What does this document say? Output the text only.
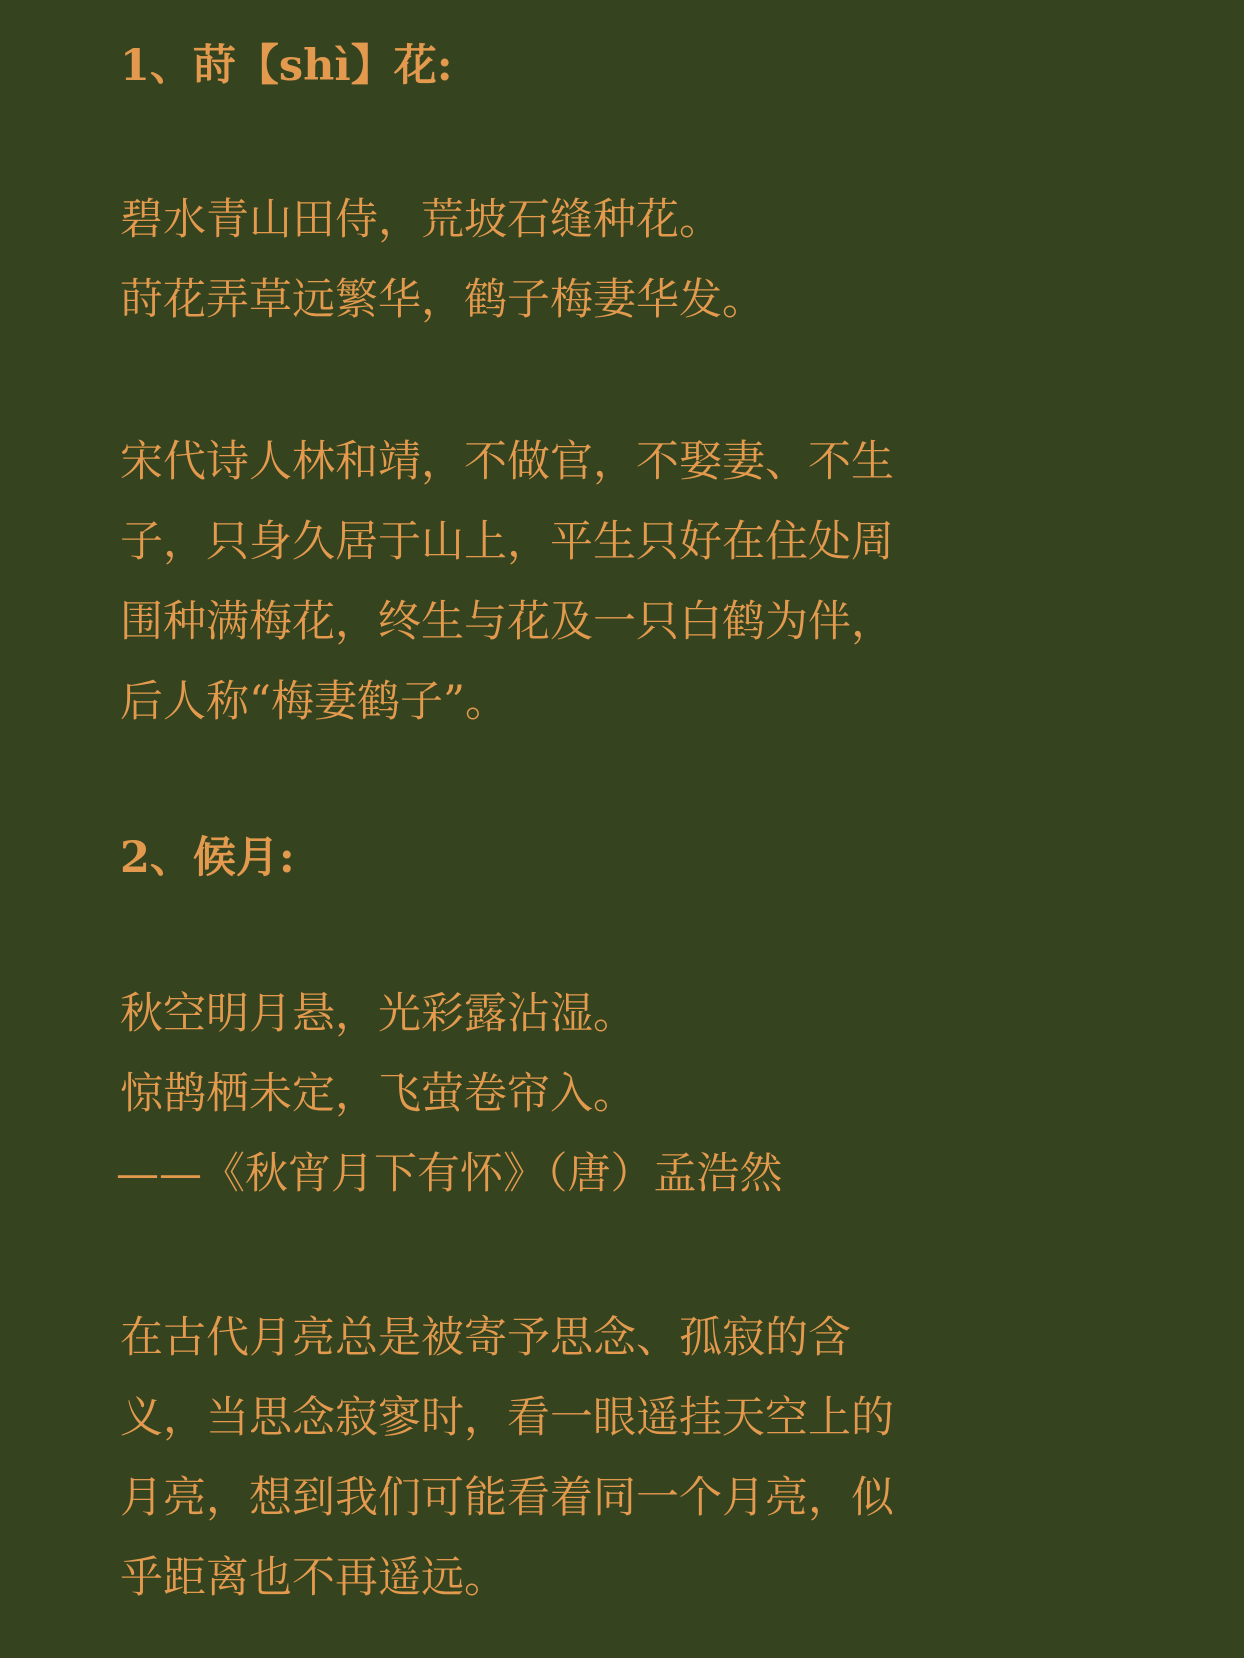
1、莳【shì】花:
碧水青山田侍，荒坡石缝种花。
莳花弄草远繁华，鹤子梅妻华发。
宋代诗人林和靖，不做官，不娶妻、不生
子，只身久居于山上，平生只好在住处周
围种满梅花，终生与花及一只白鹤为伴，
后人称“梅妻鹤子”。
2、候月:
秋空明月悬，光彩露沾湿。
惊鹊栖未定，飞萤卷帘入。
——《秋宵月下有怀》（唐）孟浩然
在古代月亮总是被寄予思念、孤寂的含
义，当思念寂寥时，看一眼遥挂天空上的
月亮，想到我们可能看着同一个月亮，似
乎距离也不再遥远。
